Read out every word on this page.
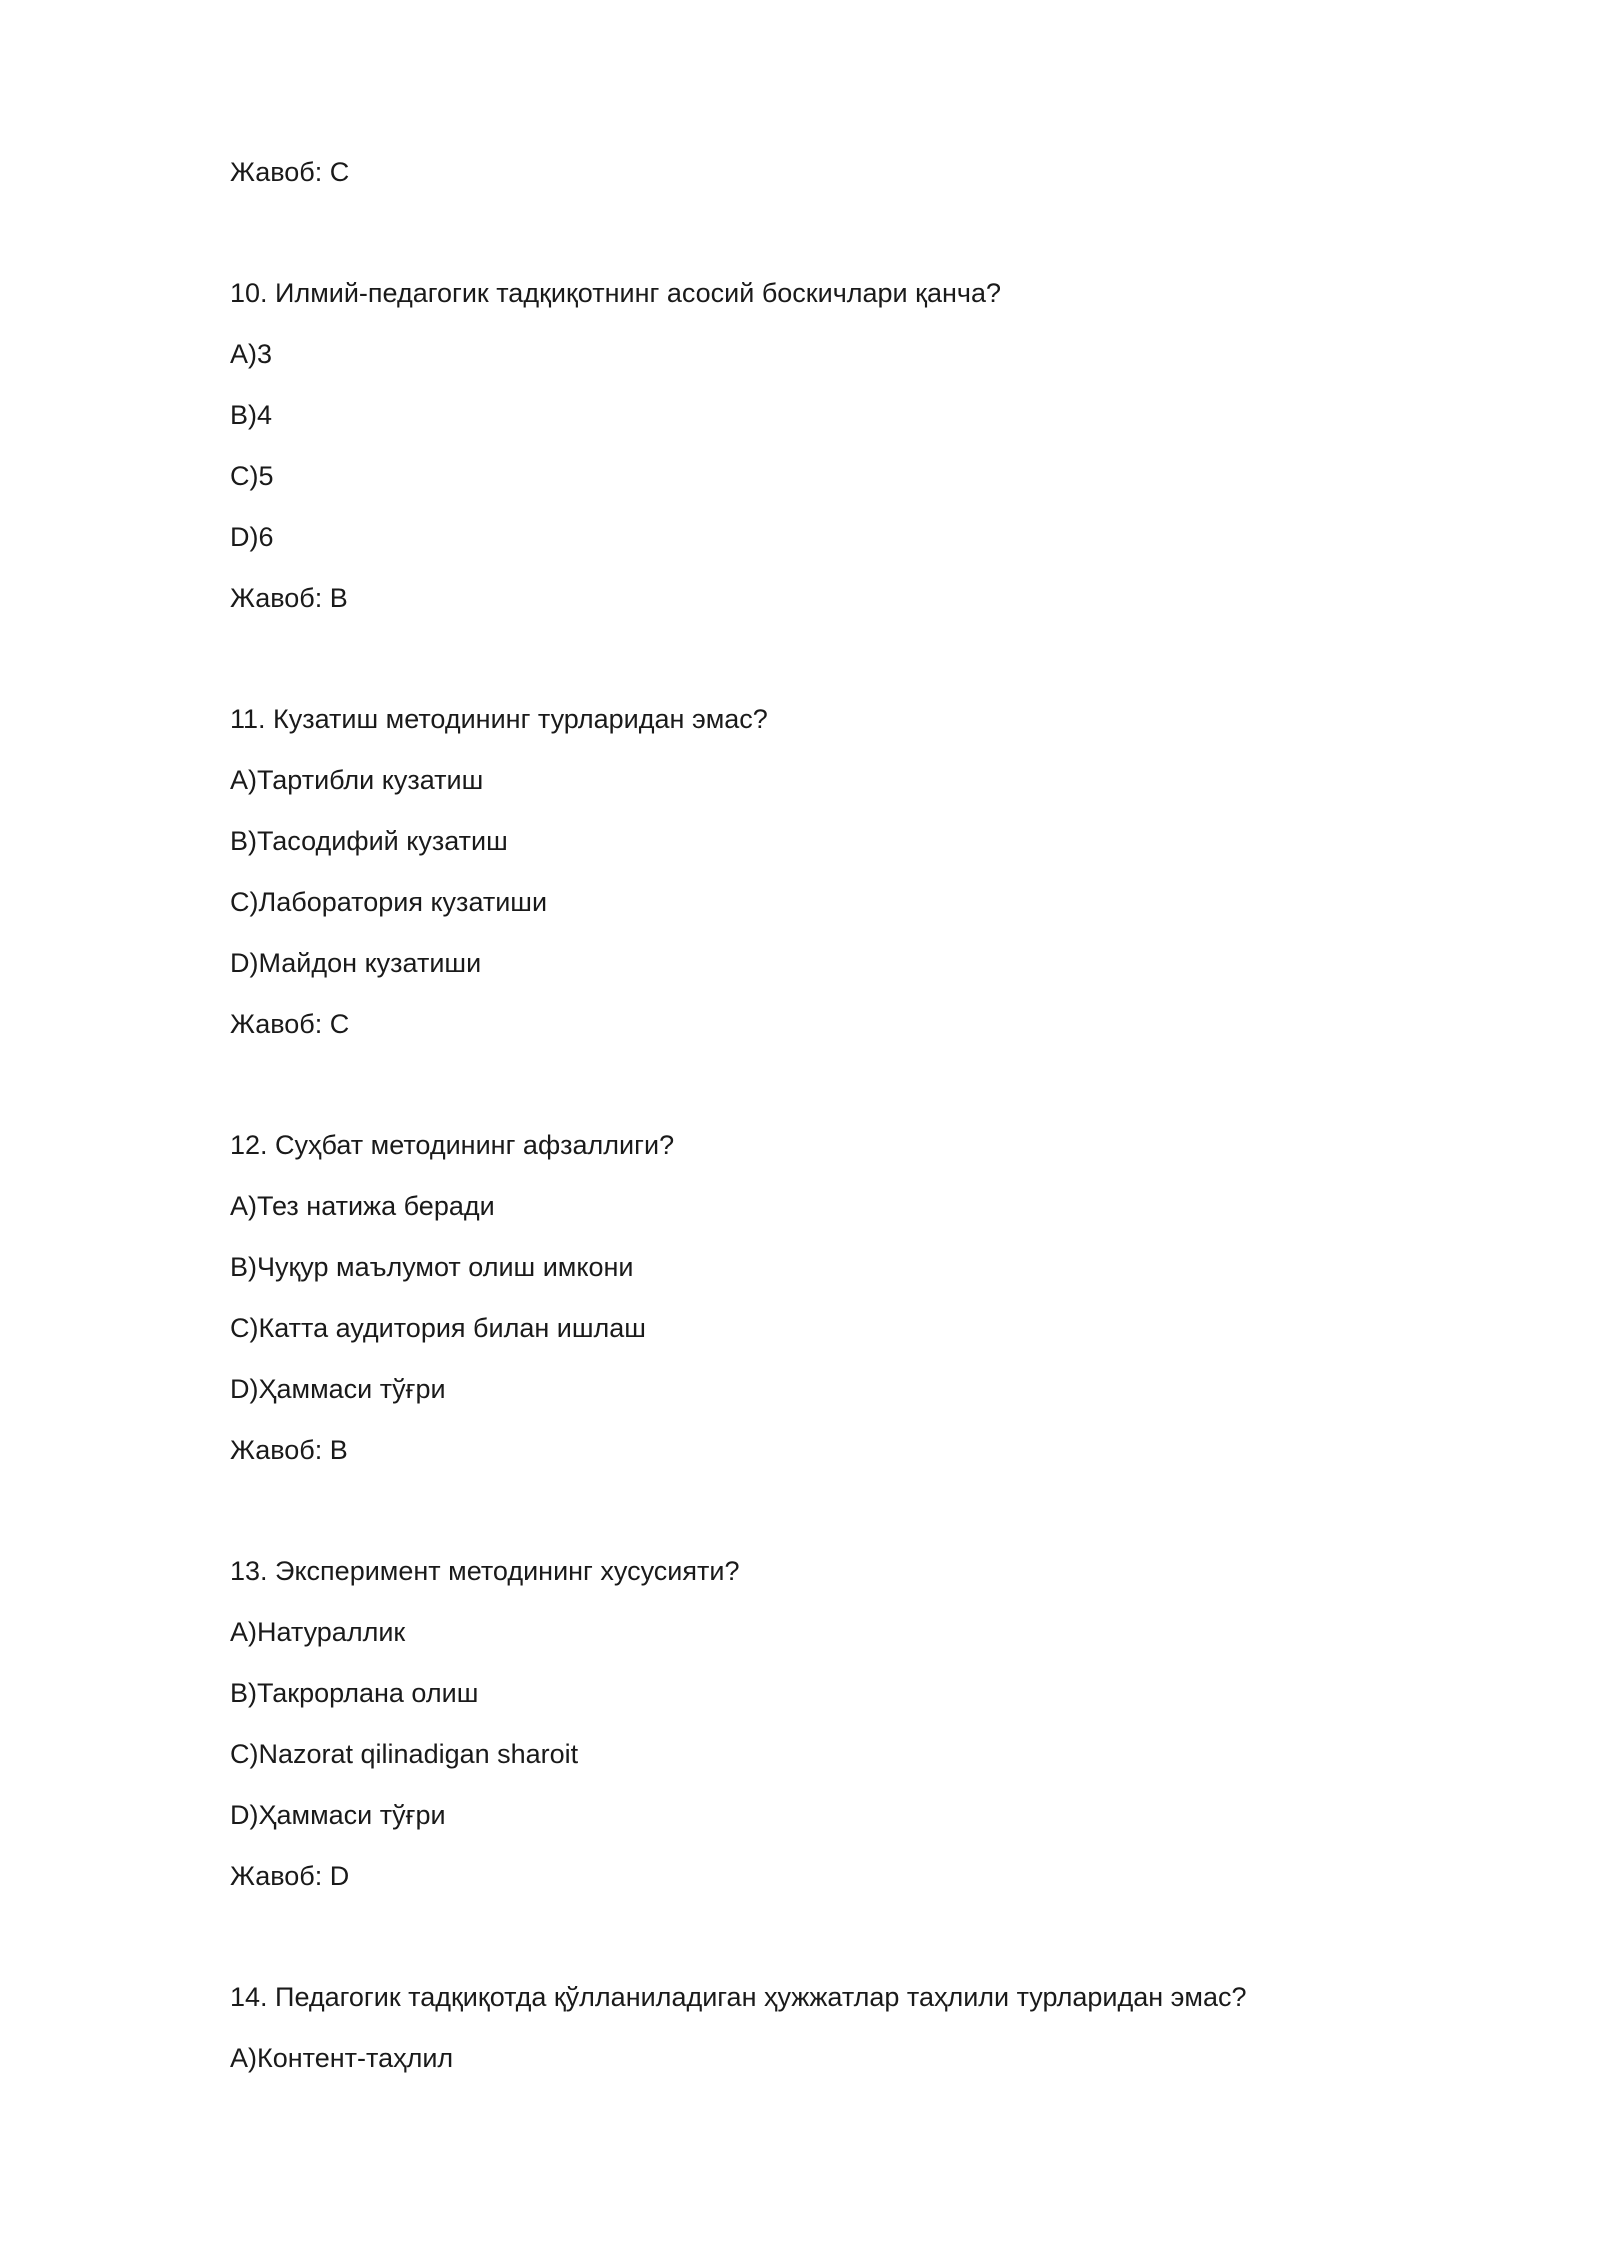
Жавоб: С
10. Илмий-педагогик тадқиқотнинг асосий боскичлари қанча?
A)3
B)4
C)5
D)6
Жавоб: B
11. Кузатиш методининг турларидан эмас?
A)Тартибли кузатиш
B)Тасодифий кузатиш
C)Лаборатория кузатиши
D)Майдон кузатиши
Жавоб: C
12. Суҳбат методининг афзаллиги?
A)Тез натижа беради
B)Чуқур маълумот олиш имкони
C)Катта аудитория билан ишлаш
D)Ҳаммаси тўғри
Жавоб: B
13. Эксперимент методининг хусусияти?
A)Натураллик
B)Такрорлана олиш
C)Nazorat qilinadigan sharoit
D)Ҳаммаси тўғри
Жавоб: D
14. Педагогик тадқиқотда қўлланиладиган ҳужжатлар таҳлили турларидан эмас?
A)Контент-таҳлил
